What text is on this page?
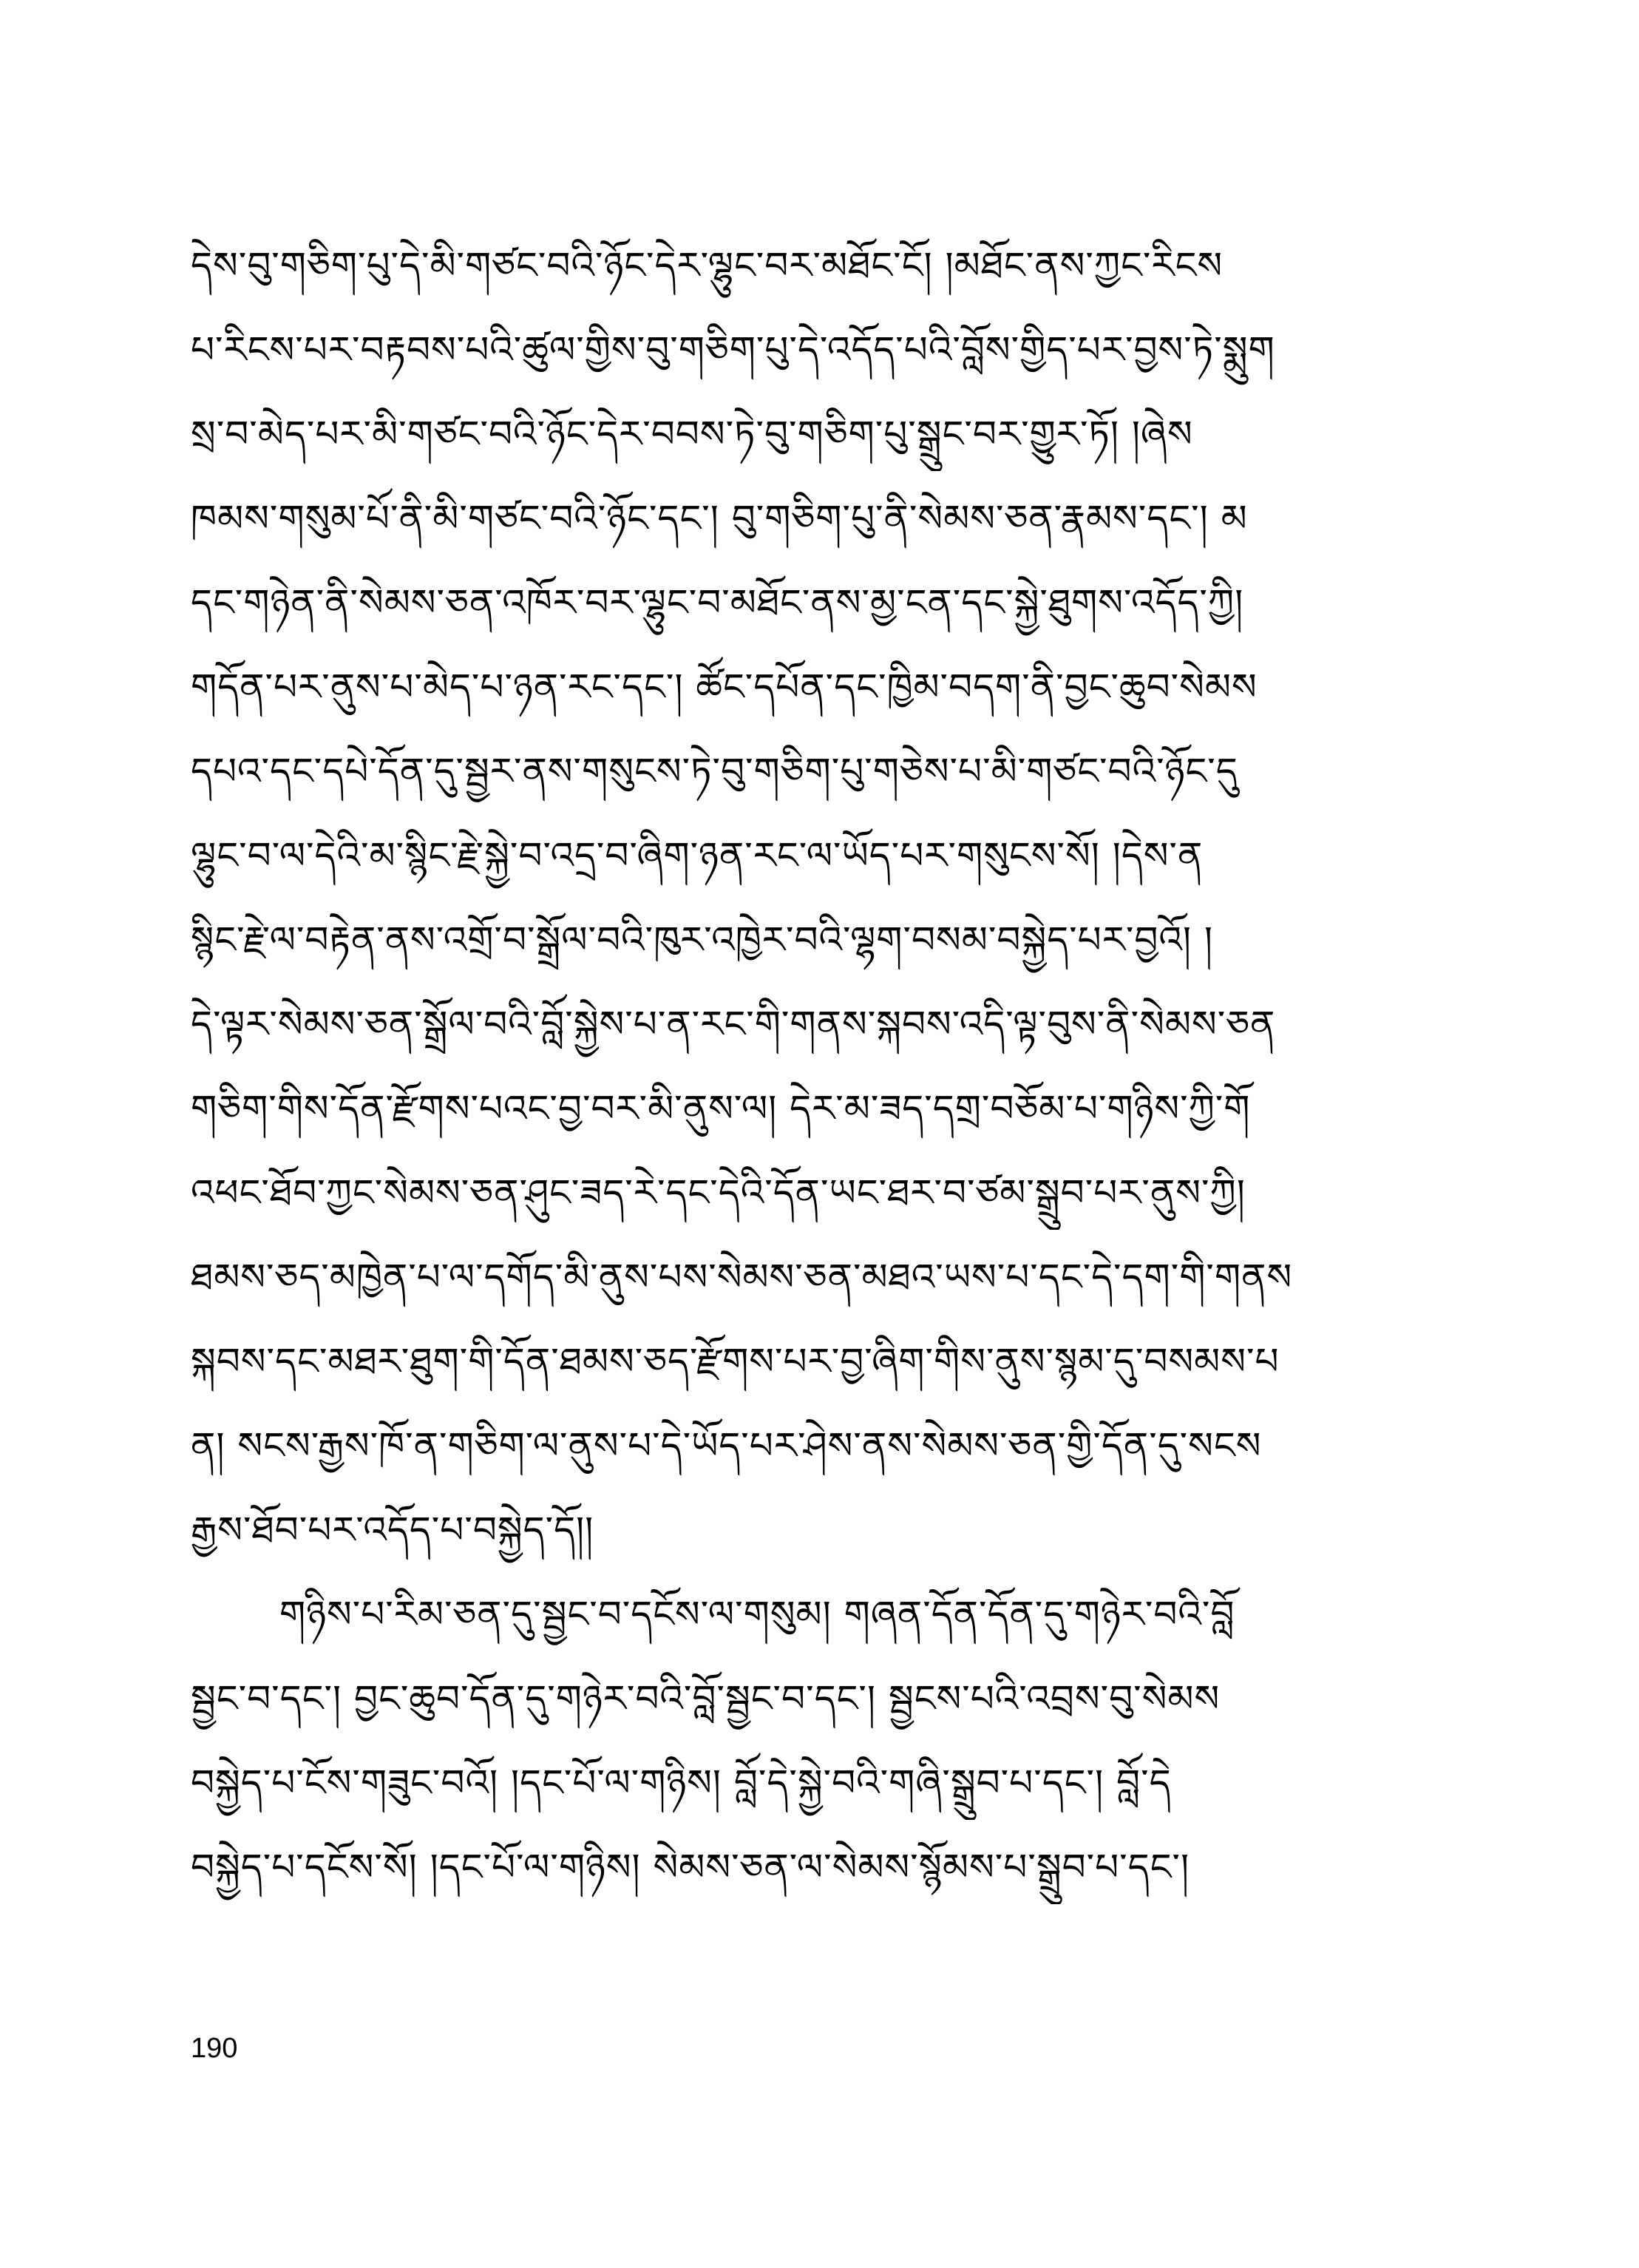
དེས་བུ་གཅིག་པུ་དེ་མི་གཙང་བའི་ཉོང་དེར་ལྷུང་བར་མཐོང་ངོ། །མཐོང་ནས་ཀྱང་རིངས
པ་རིངས་པར་བརྟབས་པའི་ཚུལ་གྱིས་བུ་གཅིག་པུ་དེ་འདོད་པའི་བློས་གྱིད་པར་བྱས་ཏེ་སྨུག
སྲ་བ་མེད་པར་མི་གཙང་བའི་ཉོང་དེར་བབས་ཏེ་བུ་གཅིག་པུ་སྒྲུང་བར་གྱུར་ཏོ། །ཞེས
ཁམས་གསུམ་པོ་ནི་མི་གཙང་བའི་ཉོང་དང་། བུ་གཅིག་པུ་ནི་སེམས་ཅན་རྣམས་དང་། མ
དང་གཉེན་ནི་སེམས་ཅན་འཁོར་བར་ལྷུང་བ་མཐོང་ནས་མྱ་ངན་དང་སྐྱེ་ཐུགས་འདོད་ཀྱི།
གདོན་པར་ནུས་པ་མེད་པ་ཉན་རང་དང་། ཚོང་དཔོན་དང་ཁྱིམ་བདག་ནི་བྱང་ཆུབ་སེམས
དཔའ་དང་དཔེ་དོན་དུ་སྦྱར་ནས་གསུངས་ཏེ་བུ་གཅིག་པུ་གཅེས་པ་མི་གཙང་བའི་ཉོང་དུ
ལྷུང་བ་ལ་དེའི་མ་སྙིང་རྗེ་སྐྱེ་བ་འདྲ་བ་ཞིག་ཉན་རང་ལ་ཡོད་པར་གསུངས་སོ། །དེས་ན
སྙིང་རྗེ་ལ་བརྟེན་ནས་འགྲོ་བ་སྒྲོལ་བའི་ཁུར་འཁྱེར་བའི་ལྷག་བསམ་བསྐྱེད་པར་བྱའོ། །
དེ་ལྟར་སེམས་ཅན་སྒྲོལ་བའི་བློ་སྐྱེས་པ་ན་རང་གི་གནས་སྐབས་འདི་ལྟ་བུས་ནི་སེམས་ཅན
གཅིག་གིས་དོན་རྫོགས་པའང་བྱ་བར་མི་ནུས་ལ། དེར་མ་ཟད་དགྲ་བཅོམ་པ་གཉིས་ཀྱི་གོ
འཕང་ཐོབ་ཀྱང་སེམས་ཅན་ཤུང་ཟད་རེ་དང་དེའི་དོན་ཡང་ཐར་བ་ཙམ་སྒྲུབ་པར་ནུས་ཀྱི།
ཐམས་ཅད་མཁྱེན་པ་ལ་དགོད་མི་ནུས་པས་སེམས་ཅན་མཐའ་ཡས་པ་དང་དེ་དག་གི་གནས
སྐབས་དང་མཐར་ཐུག་གི་དོན་ཐམས་ཅད་རྫོགས་པར་བྱ་ཞིག་གིས་ནུས་སྙམ་དུ་བསམས་པ
ན། སངས་རྒྱས་ཁོ་ན་གཅིག་ལ་ནུས་པ་དེ་ཡོད་པར་ཤེས་ནས་སེམས་ཅན་གྱི་དོན་དུ་སངས
རྒྱས་ཐོབ་པར་འདོད་པ་བསྐྱེད་དོ།།
གཉིས་པ་རིམ་ཅན་དུ་སྦྱང་བ་དངོས་ལ་གསུམ། གཞན་དོན་དོན་དུ་གཉེར་བའི་བློ
སྦྱང་བ་དང་། བྱང་ཆུབ་དོན་དུ་གཉེར་བའི་བློ་སྦྱང་བ་དང་། སྦྱངས་པའི་འབྲས་བུ་སེམས
བསྐྱེད་པ་ངོས་གཟུང་བའོ། །དང་པོ་ལ་གཉིས། བློ་དེ་སྐྱེ་བའི་གཞི་སྒྲུབ་པ་དང་། བློ་དེ
བསྐྱེད་པ་དངོས་སོ། །དང་པོ་ལ་གཉིས། སེམས་ཅན་ལ་སེམས་སྙོམས་པ་སྒྲུབ་པ་དང་།
190
